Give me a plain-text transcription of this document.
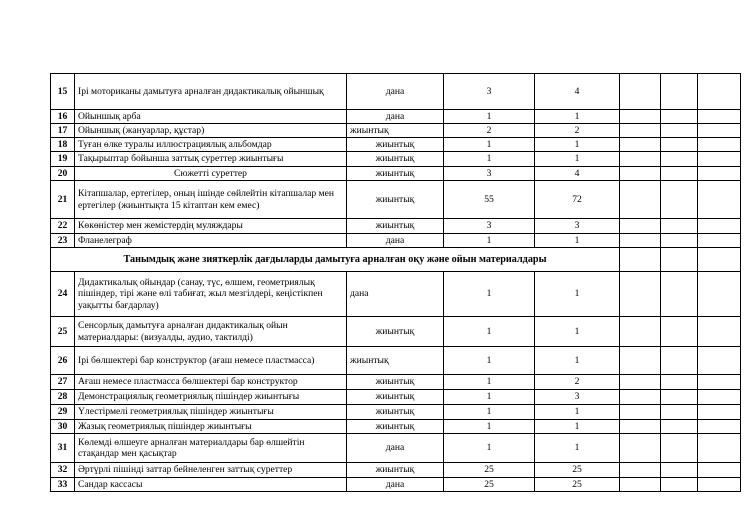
15	Ірі моториканы дамытуға арналған дидактикалық ойыншық	дана	3	4			
16	Ойыншық арба	дана	1	1			
17	Ойыншық (жануарлар, құстар)	жиынтық	2	2			
18	Туған өлке туралы иллюстрациялық альбомдар	жиынтық	1	1			
19	Тақырыптар бойынша заттық суреттер жиынтығы	жиынтық	1	1			
20	Сюжетті суреттер	жиынтық	3	4			
21	Кітапшалар, ертегілер, оның ішінде сөйлейтін кітапшалар мен ертегілер (жиынтықта 15 кітаптан кем емес)	жиынтық	55	72			
22	Көкөністер мен жемістердің муляждары	жиынтық	3	3			
23	Фланелеграф	дана	1	1			
Танымдық және зияткерлік дағдыларды дамытуға арналған оқу және ойын материалдары							
24	Дидактикалық ойындар (санау, түс, өлшем, геометриялық пішіндер, тірі және өлі табиғат, жыл мезгілдері, кеңістікпен уақытты бағдарлау)	дана	1	1			
25	Сенсорлық дамытуға арналған дидактикалық ойын материалдары: (визуалды, аудио, тактилді)	жиынтық	1	1			
26	Ірі бөлшектері бар конструктор (ағаш немесе пластмасса)	жиынтық	1	1			
27	Ағаш немесе пластмасса бөлшектері бар конструктор	жиынтық	1	2			
28	Демонстрациялық геометриялық пішіндер жиынтығы	жиынтық	1	3			
29	Үлестірмелі геометриялық пішіндер жиынтығы	жиынтық	1	1			
30	Жазық геометриялық пішіндер жиынтығы	жиынтық	1	1			
31	Көлемді өлшеуге арналған материалдары бар өлшейтін стақандар мен қасықтар	дана	1	1			
32	Әртүрлі пішінді заттар бейнеленген заттық суреттер	жиынтық	25	25			
33	Сандар кассасы	дана	25	25			
